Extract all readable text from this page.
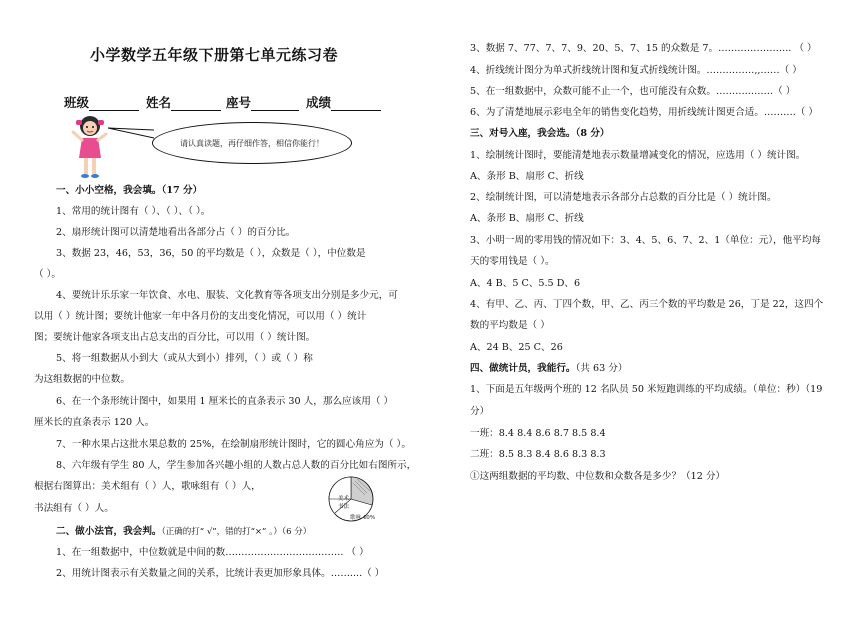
小学数学五年级下册第七单元练习卷
班级	姓名	座号	成绩
请认真读题，再仔细作答，相信你能行！
一、小小空格，我会填。（17 分）
1、常用的统计图有（ ）、（ ）、（ ）。
2、扇形统计图可以清楚地看出各部分占（ ）的百分比。
3、数据 23，46，53，36，50 的平均数是（ ），众数是（ ），中位数是
（ ）。
4、要统计乐乐家一年饮食、水电、服装、文化教育等各项支出分别是多少元，可
以用（ ）统计图；要统计他家一年中各月份的支出变化情况，可以用（ ）统计
图；要统计他家各项支出占总支出的百分比，可以用（ ）统计图。
5、将一组数据从小到大（或从大到小）排列，（ ）或（ ）称
为这组数据的中位数。
6、在一个条形统计图中，如果用 1 厘米长的直条表示 30 人，那么应该用（ ）
厘米长的直条表示 120 人。
7、一种水果占这批水果总数的 25%，在绘制扇形统计图时，它的圆心角应为（ ）。
8、六年级有学生 80 人，学生参加各兴趣小组的人数占总人数的百分比如右图所示，
根据右图算出：美术组有（ ）人，歌咏组有（ ）人，
书法组有（ ）人。
美术
书法
歌咏 40%
二、做小法官，我会判。（正确的打“ √”，错的打“×” 。）（6 分）
1、在一组数据中，中位数就是中间的数………………………………. （ ）
2、用统计图表示有关数量之间的关系，比统计表更加形象具体。……....（ ）
3、数据 7、77、7、7、9、20、5、7、15 的众数是 7。………………….. （ ）
4、折线统计图分为单式折线统计图和复式折线统计图。……………,,……（ ）
5、在一组数据中，众数可能不止一个，也可能没有众数。………..…….（ ）
6、为了清楚地展示彩电全年的销售变化趋势，用折线统计图更合适。……….（ ）
三、对号入座，我会选。（8 分）
1、绘制统计图时，要能清楚地表示数量增减变化的情况，应选用（ ）统计图。
A、条形 B、扇形 C、折线
2、绘制统计图，可以清楚地表示各部分占总数的百分比是（ ）统计图。
A、条形 B、扇形 C、折线
3、小明一周的零用钱的情况如下：3、4、5、6、7、2、1（单位：元），他平均每
天的零用钱是（ ）。
A、4 B、5 C、5.5 D、6
4、有甲、乙、丙、丁四个数，甲、乙、丙三个数的平均数是 26，丁是 22，这四个
数的平均数是（ ）
A、24 B、25 C、26
四、做统计员，我能行。（共 63 分）
1、下面是五年级两个班的 12 名队员 50 米短跑训练的平均成绩。（单位：秒）（19
分）
一班：8.4 8.4 8.6 8.7 8.5 8.4
二班：8.5 8.3 8.4 8.6 8.3 8.3
①这两组数据的平均数、中位数和众数各是多少？（12 分）
